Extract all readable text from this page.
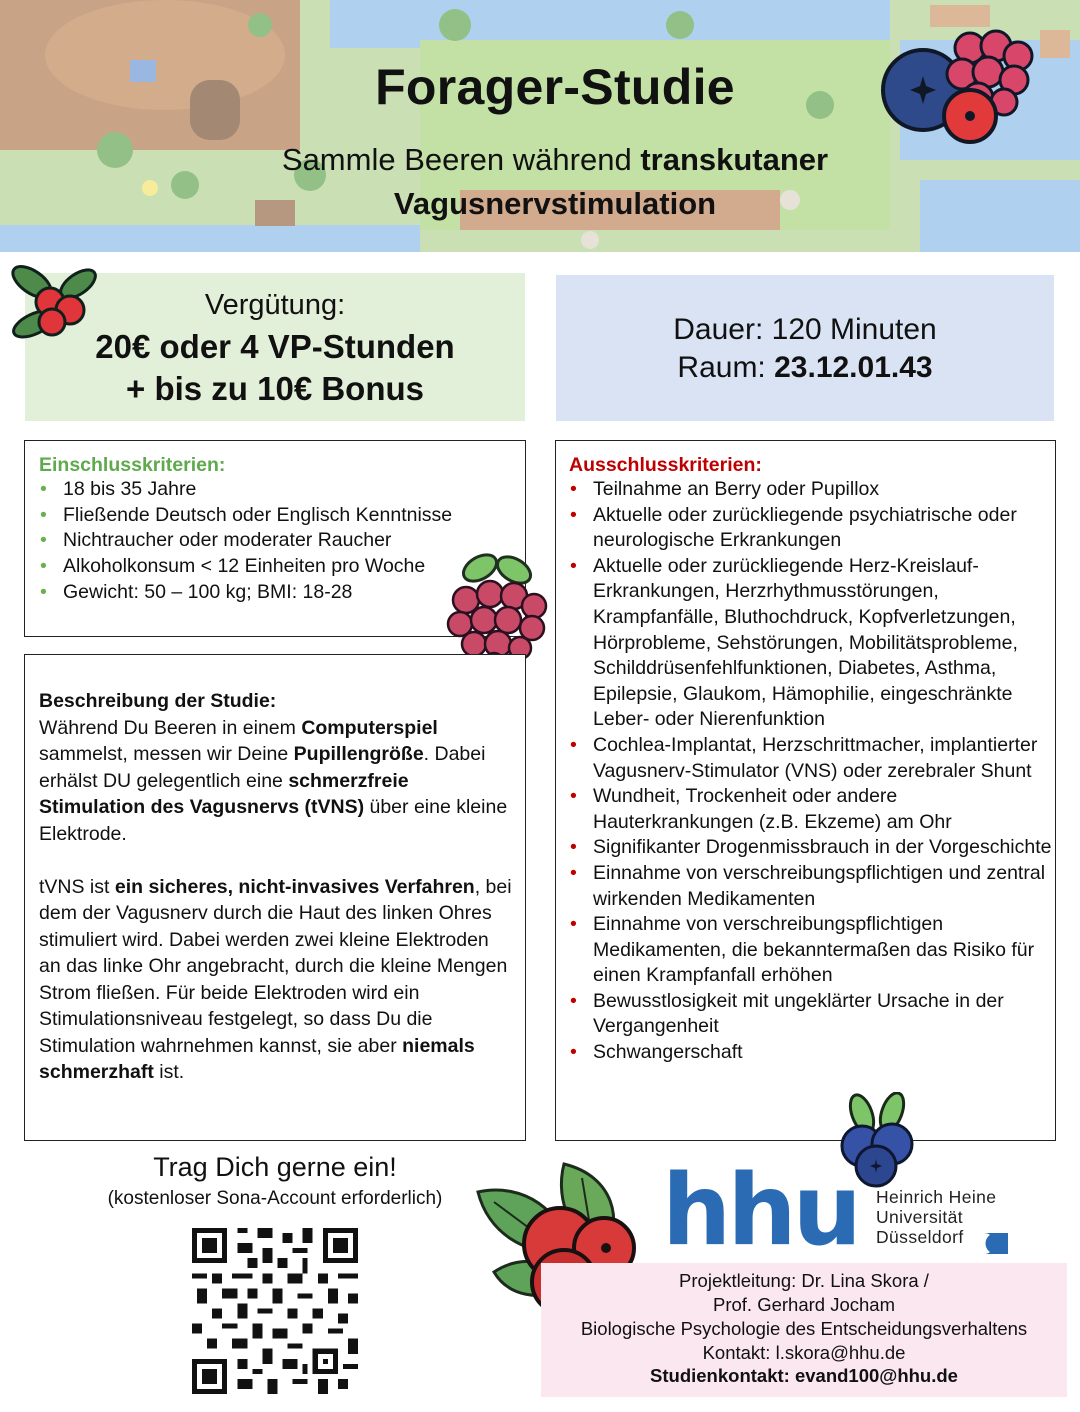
Forager-Studie
Sammle Beeren während transkutaner
Vagusnervstimulation
Vergütung:
20€ oder 4 VP-Stunden
+ bis zu 10€ Bonus
Dauer: 120 Minuten
Raum: 23.12.01.43
Einschlusskriterien:
• 18 bis 35 Jahre
• Fließende Deutsch oder Englisch Kenntnisse
• Nichtraucher oder moderater Raucher
• Alkoholkonsum < 12 Einheiten pro Woche
• Gewicht: 50 – 100 kg; BMI: 18-28

Beschreibung der Studie:
Während Du Beeren in einem Computerspiel sammelst, messen wir Deine Pupillengröße. Dabei erhälst DU gelegentlich eine schmerzfreie Stimulation des Vagusnervs (tVNS) über eine kleine Elektrode.

tVNS ist ein sicheres, nicht-invasives Verfahren, bei dem der Vagusnerv durch die Haut des linken Ohres stimuliert wird. Dabei werden zwei kleine Elektroden an das linke Ohr angebracht, durch die kleine Mengen Strom fließen. Für beide Elektroden wird ein Stimulationsniveau festgelegt, so dass Du die Stimulation wahrnehmen kannst, sie aber niemals schmerzhaft ist.

Ausschlusskriterien:
• Teilnahme an Berry oder Pupillox
• Aktuelle oder zurückliegende psychiatrische oder neurologische Erkrankungen
• Aktuelle oder zurückliegende Herz-Kreislauf-Erkrankungen, Herzrhythmusstörungen, Krampfanfälle, Bluthochdruck, Kopfverletzungen, Hörprobleme, Sehstörungen, Mobilitätsprobleme, Schilddrüsenfehlfunktionen, Diabetes, Asthma, Epilepsie, Glaukom, Hämophilie, eingeschränkte Leber- oder Nierenfunktion
• Cochlea-Implantat, Herzschrittmacher, implantierter Vagusnerv-Stimulator (VNS) oder zerebraler Shunt
• Wundheit, Trockenheit oder andere Hauterkrankungen (z.B. Ekzeme) am Ohr
• Signifikanter Drogenmissbrauch in der Vorgeschichte
• Einnahme von verschreibungspflichtigen und zentral wirkenden Medikamenten
• Einnahme von verschreibungspflichtigen Medikamenten, die bekanntermaßen das Risiko für einen Krampfanfall erhöhen
• Bewusstlosigkeit mit ungeklärter Ursache in der Vergangenheit
• Schwangerschaft
Trag Dich gerne ein!
(kostenloser Sona-Account erforderlich)	hhu Heinrich Heine
Universität
Düsseldorf
Projektleitung: Dr. Lina Skora /
Prof. Gerhard Jocham
Biologische Psychologie des Entscheidungsverhaltens
Kontakt: l.skora@hhu.de
Studienkontakt: evand100@hhu.de
